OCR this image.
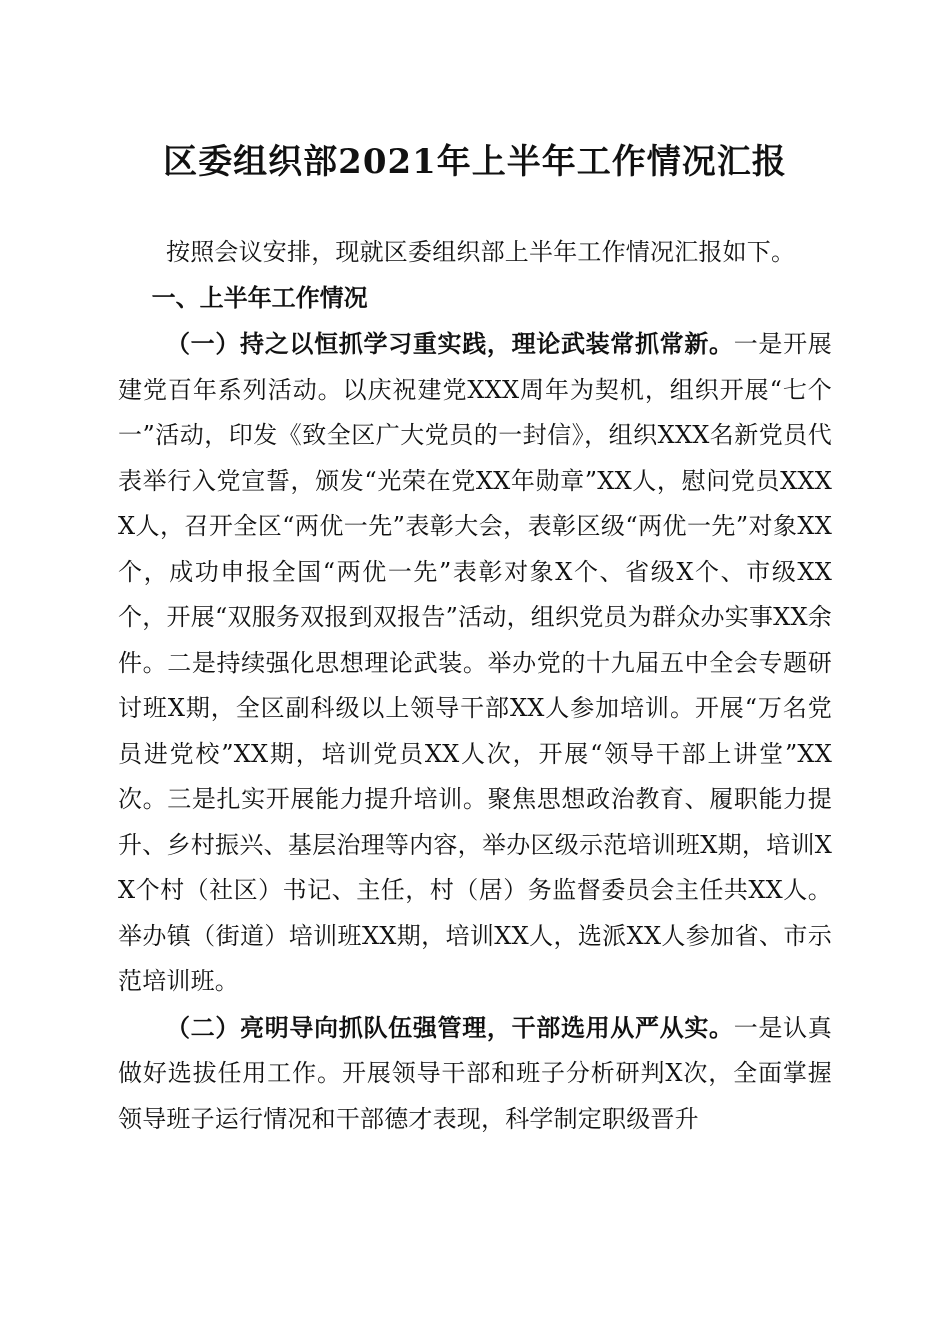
区委组织部2021年上半年工作情况汇报

按照会议安排，现就区委组织部上半年工作情况汇报如下。

一、上半年工作情况

（一）持之以恒抓学习重实践，理论武装常抓常新。一是开展建党百年系列活动。以庆祝建党XXX周年为契机，组织开展“七个一”活动，印发《致全区广大党员的一封信》，组织XXX名新党员代表举行入党宣誓，颁发“光荣在党XX年勋章”XX人，慰问党员XXXX人，召开全区“两优一先”表彰大会，表彰区级“两优一先”对象XX个，成功申报全国“两优一先”表彰对象X个、省级X个、市级XX个，开展“双服务双报到双报告”活动，组织党员为群众办实事XX余件。二是持续强化思想理论武装。举办党的十九届五中全会专题研讨班X期，全区副科级以上领导干部XX人参加培训。开展“万名党员进党校”XX期，培训党员XX人次，开展“领导干部上讲堂”XX次。三是扎实开展能力提升培训。聚焦思想政治教育、履职能力提升、乡村振兴、基层治理等内容，举办区级示范培训班X期，培训XX个村（社区）书记、主任，村（居）务监督委员会主任共XX人。举办镇（街道）培训班XX期，培训XX人，选派XX人参加省、市示范培训班。

（二）亮明导向抓队伍强管理，干部选用从严从实。一是认真做好选拔任用工作。开展领导干部和班子分析研判X次，全面掌握领导班子运行情况和干部德才表现，科学制定职级晋升
